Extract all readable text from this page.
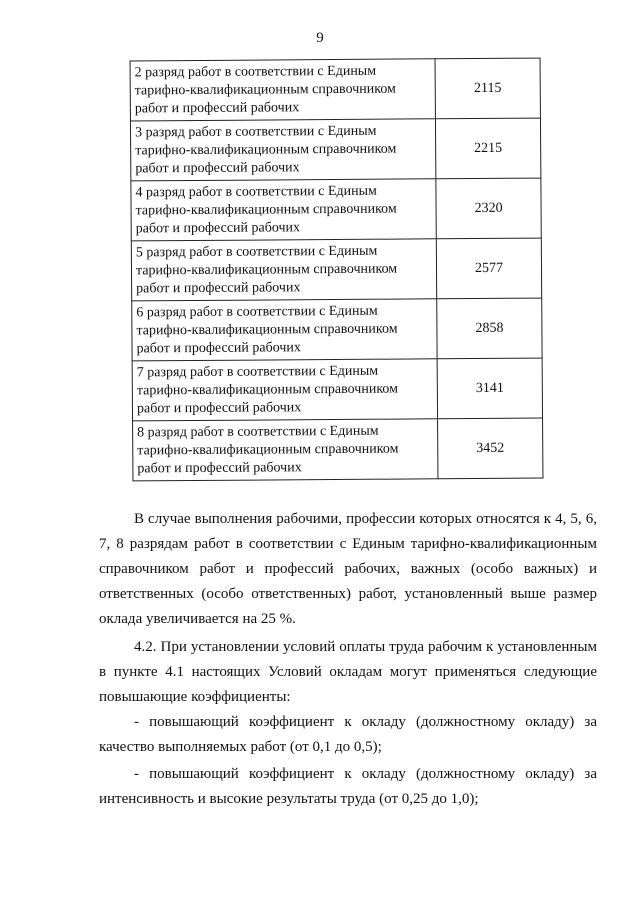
9
2 разряд работ в соответствии с Единым тарифно-квалификационным справочником работ и профессий рабочих	2115
3 разряд работ в соответствии с Единым тарифно-квалификационным справочником работ и профессий рабочих	2215
4 разряд работ в соответствии с Единым тарифно-квалификационным справочником работ и профессий рабочих	2320
5 разряд работ в соответствии с Единым тарифно-квалификационным справочником работ и профессий рабочих	2577
6 разряд работ в соответствии с Единым тарифно-квалификационным справочником работ и профессий рабочих	2858
7 разряд работ в соответствии с Единым тарифно-квалификационным справочником работ и профессий рабочих	3141
8 разряд работ в соответствии с Единым тарифно-квалификационным справочником работ и профессий рабочих	3452

В случае выполнения рабочими, профессии которых относятся к 4, 5, 6, 7, 8 разрядам работ в соответствии с Единым тарифно-квалификационным справочником работ и профессий рабочих, важных (особо важных) и ответственных (особо ответственных) работ, установленный выше размер оклада увеличивается на 25 %.

4.2. При установлении условий оплаты труда рабочим к установленным в пункте 4.1 настоящих Условий окладам могут применяться следующие повышающие коэффициенты:

- повышающий коэффициент к окладу (должностному окладу) за качество выполняемых работ (от 0,1 до 0,5);

- повышающий коэффициент к окладу (должностному окладу) за интенсивность и высокие результаты труда (от 0,25 до 1,0);
